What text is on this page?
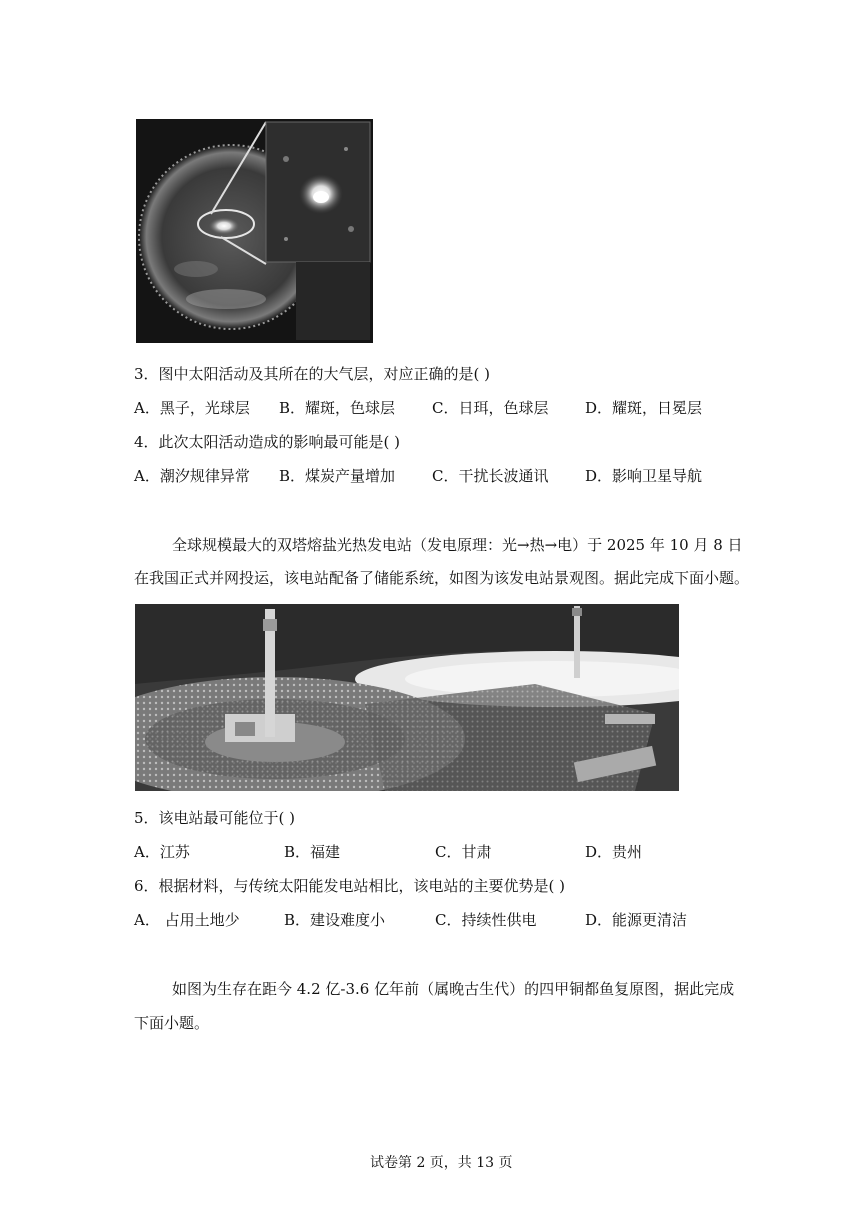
3．图中太阳活动及其所在的大气层，对应正确的是( )
A．黑子，光球层 B．耀斑，色球层 C．日珥，色球层 D．耀斑，日冕层
4．此次太阳活动造成的影响最可能是( )
A．潮汐规律异常 B．煤炭产量增加 C．干扰长波通讯 D．影响卫星导航
全球规模最大的双塔熔盐光热发电站（发电原理：光→热→电）于 2025 年 10 月 8 日
在我国正式并网投运，该电站配备了储能系统，如图为该发电站景观图。据此完成下面小题。
5．该电站最可能位于( )
A．江苏	B．福建	C．甘肃	D．贵州
6．根据材料，与传统太阳能发电站相比，该电站的主要优势是( )
A． 占用土地少	B．建设难度小	C．持续性供电	D．能源更清洁
如图为生存在距今 4.2 亿-3.6 亿年前（属晚古生代）的四甲铜都鱼复原图，据此完成
下面小题。
试卷第 2 页，共 13 页
